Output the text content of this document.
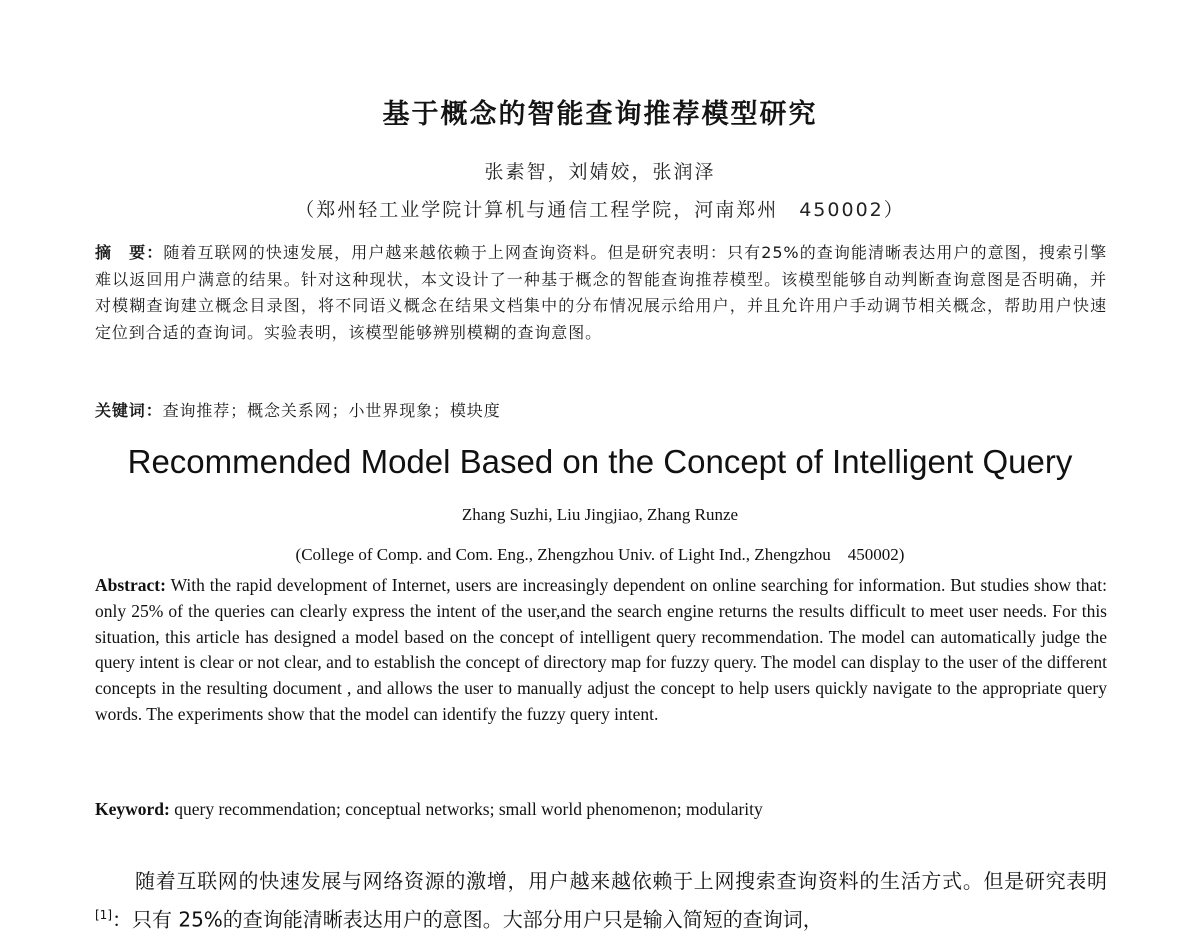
基于概念的智能查询推荐模型研究
张素智，刘婧姣，张润泽
（郑州轻工业学院计算机与通信工程学院，河南郑州　450002）
摘　要：随着互联网的快速发展，用户越来越依赖于上网查询资料。但是研究表明：只有25%的查询能清晰表达用户的意图，搜索引擎难以返回用户满意的结果。针对这种现状，本文设计了一种基于概念的智能查询推荐模型。该模型能够自动判断查询意图是否明确，并对模糊查询建立概念目录图，将不同语义概念在结果文档集中的分布情况展示给用户，并且允许用户手动调节相关概念，帮助用户快速定位到合适的查询词。实验表明，该模型能够辨别模糊的查询意图。
关键词：查询推荐；概念关系网；小世界现象；模块度
Recommended Model Based on the Concept of Intelligent Query
Zhang Suzhi, Liu Jingjiao, Zhang Runze
(College of Comp. and Com. Eng., Zhengzhou Univ. of Light Ind., Zhengzhou　450002)
Abstract: With the rapid development of Internet, users are increasingly dependent on online searching for information. But studies show that: only 25% of the queries can clearly express the intent of the user,and the search engine returns the results difficult to meet user needs. For this situation, this article has designed a model based on the concept of intelligent query recommendation. The model can automatically judge the query intent is clear or not clear, and to establish the concept of directory map for fuzzy query. The model can display to the user of the different concepts in the resulting document , and allows the user to manually adjust the concept to help users quickly navigate to the appropriate query words. The experiments show that the model can identify the fuzzy query intent.
Keyword: query recommendation; conceptual networks; small world phenomenon; modularity
随着互联网的快速发展与网络资源的激增，用户越来越依赖于上网搜索查询资料的生活方式。但是研究表明[1]：只有 25%的查询能清晰表达用户的意图。大部分用户只是输入简短的查询词，
